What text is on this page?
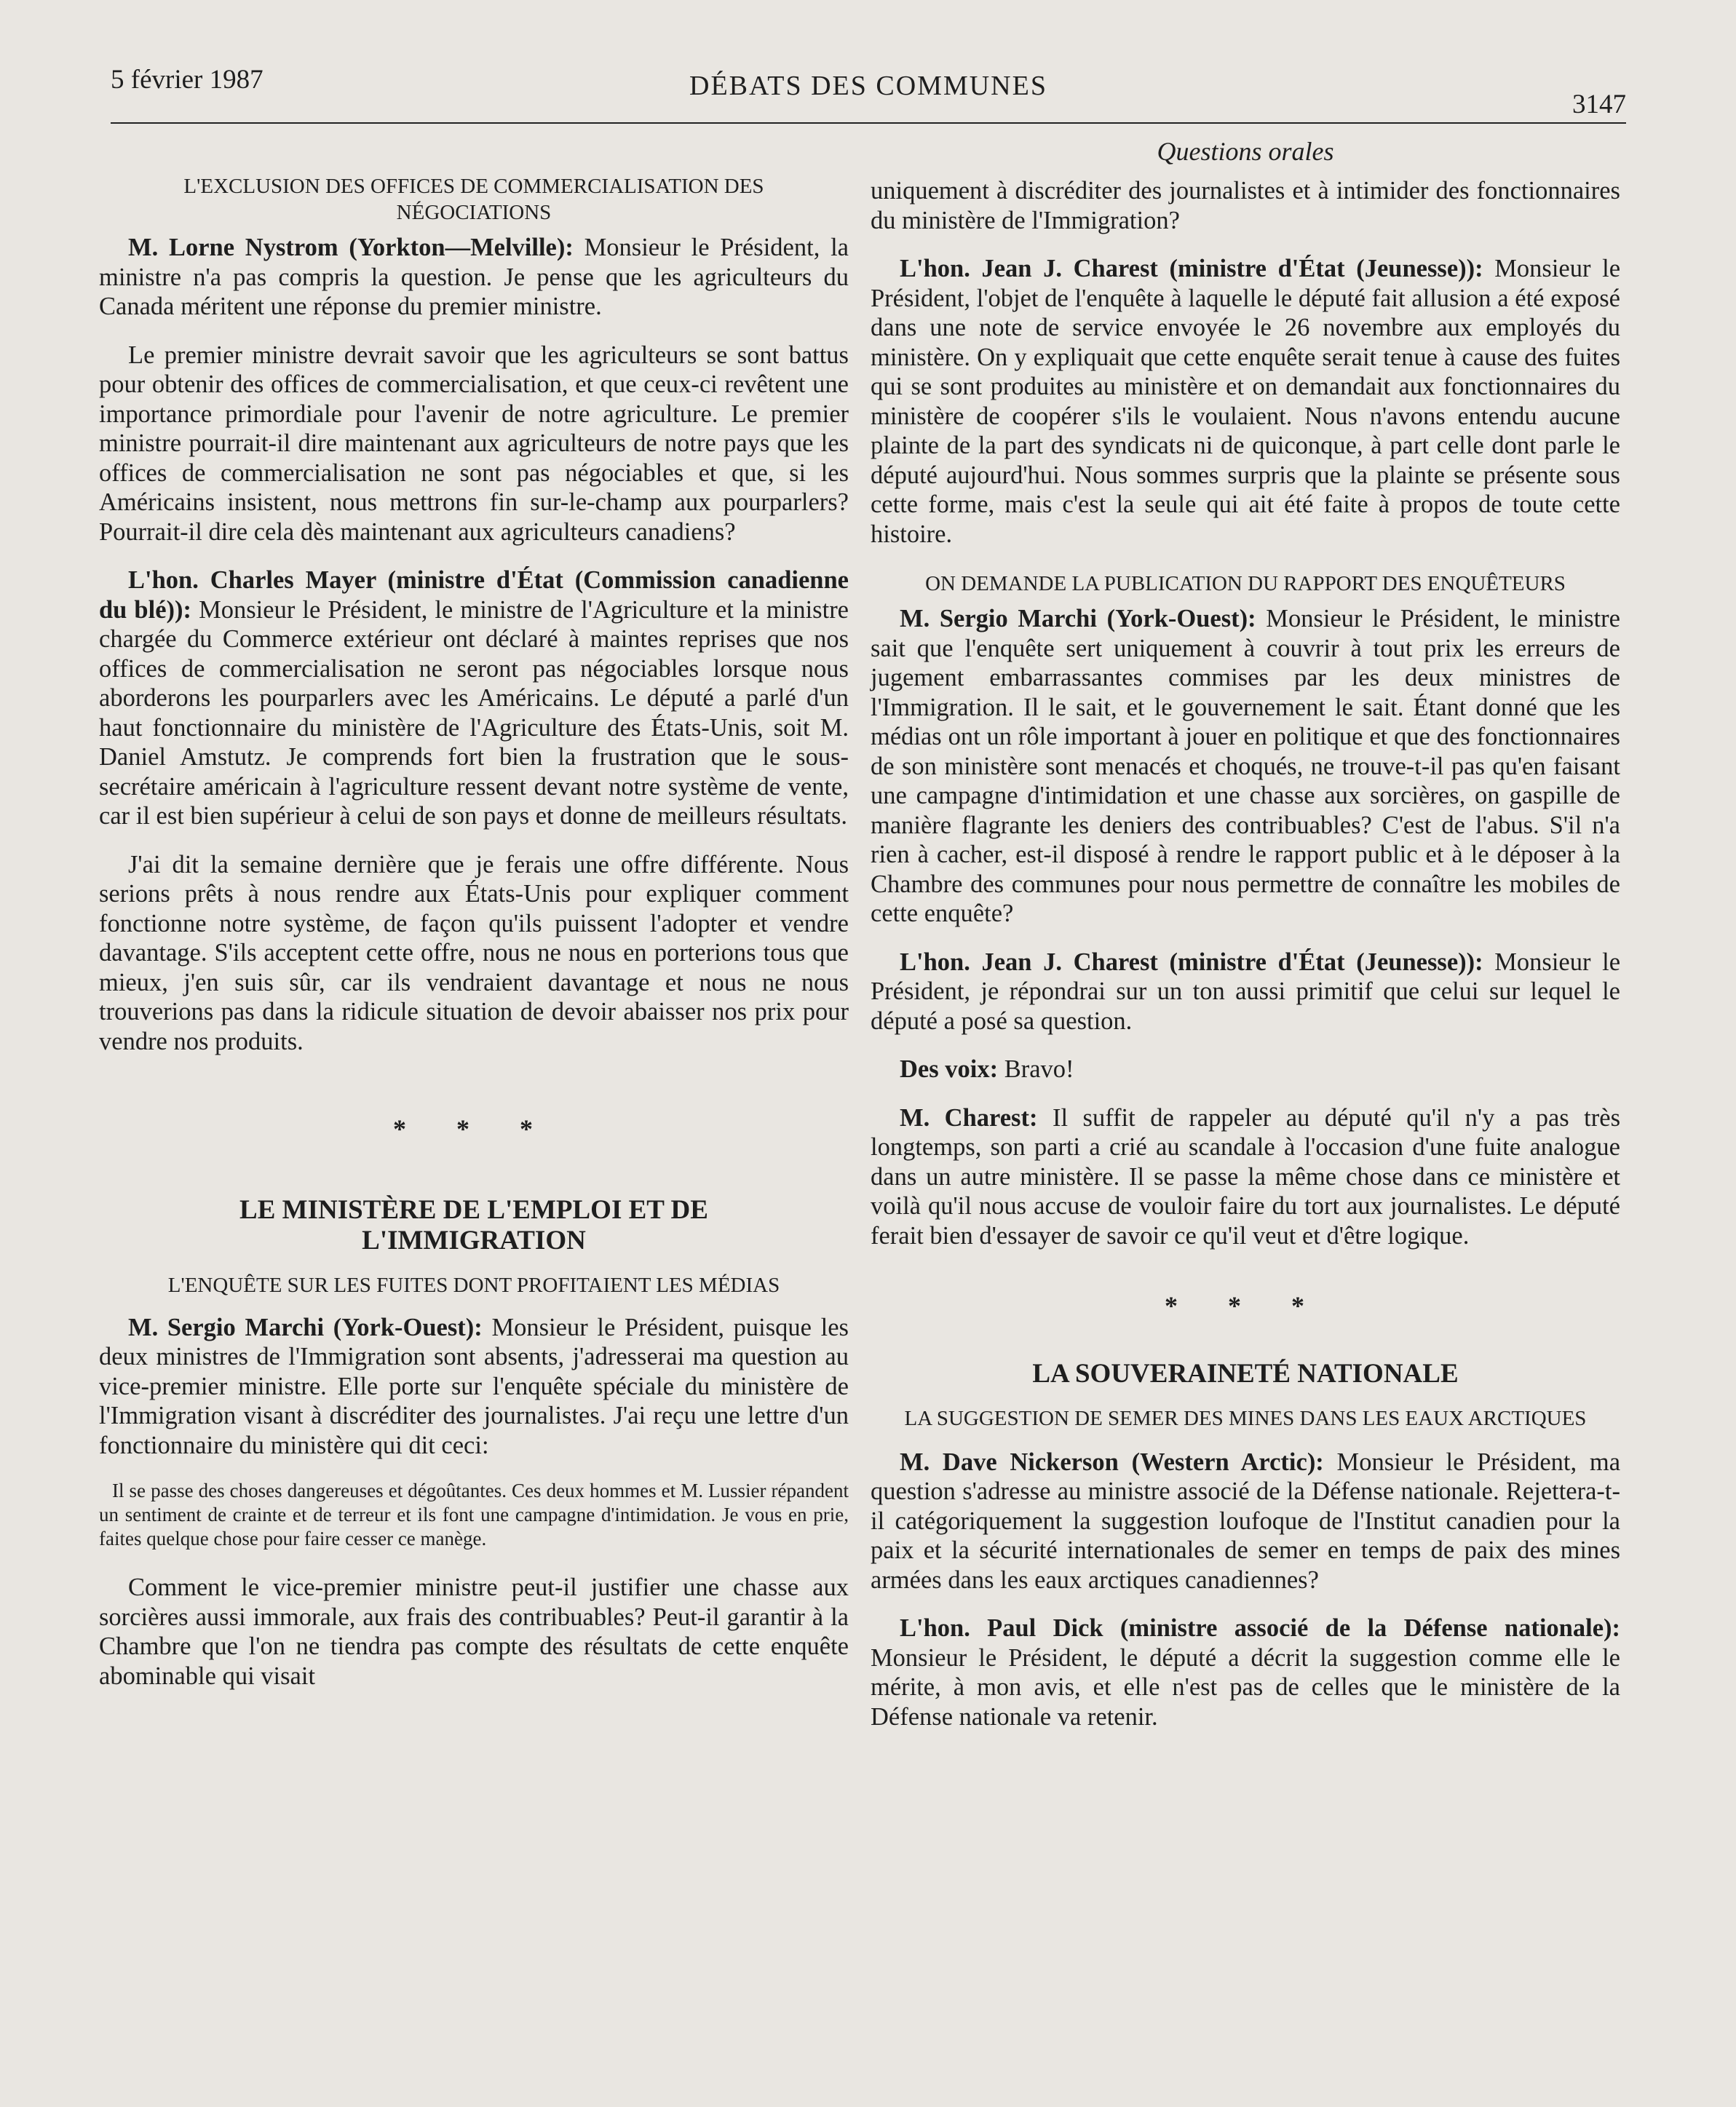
5 février 1987	DÉBATS DES COMMUNES
3147
L'EXCLUSION DES OFFICES DE COMMERCIALISATION DES NÉGOCIATIONS

M. Lorne Nystrom (Yorkton—Melville): Monsieur le Président, la ministre n'a pas compris la question. Je pense que les agriculteurs du Canada méritent une réponse du premier ministre.

Le premier ministre devrait savoir que les agriculteurs se sont battus pour obtenir des offices de commercialisation, et que ceux-ci revêtent une importance primordiale pour l'avenir de notre agriculture. Le premier ministre pourrait-il dire maintenant aux agriculteurs de notre pays que les offices de commercialisation ne sont pas négociables et que, si les Américains insistent, nous mettrons fin sur-le-champ aux pourparlers? Pourrait-il dire cela dès maintenant aux agriculteurs canadiens?

L'hon. Charles Mayer (ministre d'État (Commission canadienne du blé)): Monsieur le Président, le ministre de l'Agriculture et la ministre chargée du Commerce extérieur ont déclaré à maintes reprises que nos offices de commercialisation ne seront pas négociables lorsque nous aborderons les pourparlers avec les Américains. Le député a parlé d'un haut fonctionnaire du ministère de l'Agriculture des États-Unis, soit M. Daniel Amstutz. Je comprends fort bien la frustration que le sous-secrétaire américain à l'agriculture ressent devant notre système de vente, car il est bien supérieur à celui de son pays et donne de meilleurs résultats.

J'ai dit la semaine dernière que je ferais une offre différente. Nous serions prêts à nous rendre aux États-Unis pour expliquer comment fonctionne notre système, de façon qu'ils puissent l'adopter et vendre davantage. S'ils acceptent cette offre, nous ne nous en porterions tous que mieux, j'en suis sûr, car ils vendraient davantage et nous ne nous trouverions pas dans la ridicule situation de devoir abaisser nos prix pour vendre nos produits.

* * *
LE MINISTÈRE DE L'EMPLOI ET DE L'IMMIGRATION
L'ENQUÊTE SUR LES FUITES DONT PROFITAIENT LES MÉDIAS

M. Sergio Marchi (York-Ouest): Monsieur le Président, puisque les deux ministres de l'Immigration sont absents, j'adresserai ma question au vice-premier ministre. Elle porte sur l'enquête spéciale du ministère de l'Immigration visant à discréditer des journalistes. J'ai reçu une lettre d'un fonctionnaire du ministère qui dit ceci:

Il se passe des choses dangereuses et dégoûtantes. Ces deux hommes et M. Lussier répandent un sentiment de crainte et de terreur et ils font une campagne d'intimidation. Je vous en prie, faites quelque chose pour faire cesser ce manège.

Comment le vice-premier ministre peut-il justifier une chasse aux sorcières aussi immorale, aux frais des contribuables? Peut-il garantir à la Chambre que l'on ne tiendra pas compte des résultats de cette enquête abominable qui visait

Questions orales

uniquement à discréditer des journalistes et à intimider des fonctionnaires du ministère de l'Immigration?

L'hon. Jean J. Charest (ministre d'État (Jeunesse)): Monsieur le Président, l'objet de l'enquête à laquelle le député fait allusion a été exposé dans une note de service envoyée le 26 novembre aux employés du ministère. On y expliquait que cette enquête serait tenue à cause des fuites qui se sont produites au ministère et on demandait aux fonctionnaires du ministère de coopérer s'ils le voulaient. Nous n'avons entendu aucune plainte de la part des syndicats ni de quiconque, à part celle dont parle le député aujourd'hui. Nous sommes surpris que la plainte se présente sous cette forme, mais c'est la seule qui ait été faite à propos de toute cette histoire.

ON DEMANDE LA PUBLICATION DU RAPPORT DES ENQUÊTEURS

M. Sergio Marchi (York-Ouest): Monsieur le Président, le ministre sait que l'enquête sert uniquement à couvrir à tout prix les erreurs de jugement embarrassantes commises par les deux ministres de l'Immigration. Il le sait, et le gouvernement le sait. Étant donné que les médias ont un rôle important à jouer en politique et que des fonctionnaires de son ministère sont menacés et choqués, ne trouve-t-il pas qu'en faisant une campagne d'intimidation et une chasse aux sorcières, on gaspille de manière flagrante les deniers des contribuables? C'est de l'abus. S'il n'a rien à cacher, est-il disposé à rendre le rapport public et à le déposer à la Chambre des communes pour nous permettre de connaître les mobiles de cette enquête?

L'hon. Jean J. Charest (ministre d'État (Jeunesse)): Monsieur le Président, je répondrai sur un ton aussi primitif que celui sur lequel le député a posé sa question.

Des voix: Bravo!

M. Charest: Il suffit de rappeler au député qu'il n'y a pas très longtemps, son parti a crié au scandale à l'occasion d'une fuite analogue dans un autre ministère. Il se passe la même chose dans ce ministère et voilà qu'il nous accuse de vouloir faire du tort aux journalistes. Le député ferait bien d'essayer de savoir ce qu'il veut et d'être logique.

* * *
LA SOUVERAINETÉ NATIONALE
LA SUGGESTION DE SEMER DES MINES DANS LES EAUX ARCTIQUES

M. Dave Nickerson (Western Arctic): Monsieur le Président, ma question s'adresse au ministre associé de la Défense nationale. Rejettera-t-il catégoriquement la suggestion loufoque de l'Institut canadien pour la paix et la sécurité internationales de semer en temps de paix des mines armées dans les eaux arctiques canadiennes?

L'hon. Paul Dick (ministre associé de la Défense nationale): Monsieur le Président, le député a décrit la suggestion comme elle le mérite, à mon avis, et elle n'est pas de celles que le ministère de la Défense nationale va retenir.
